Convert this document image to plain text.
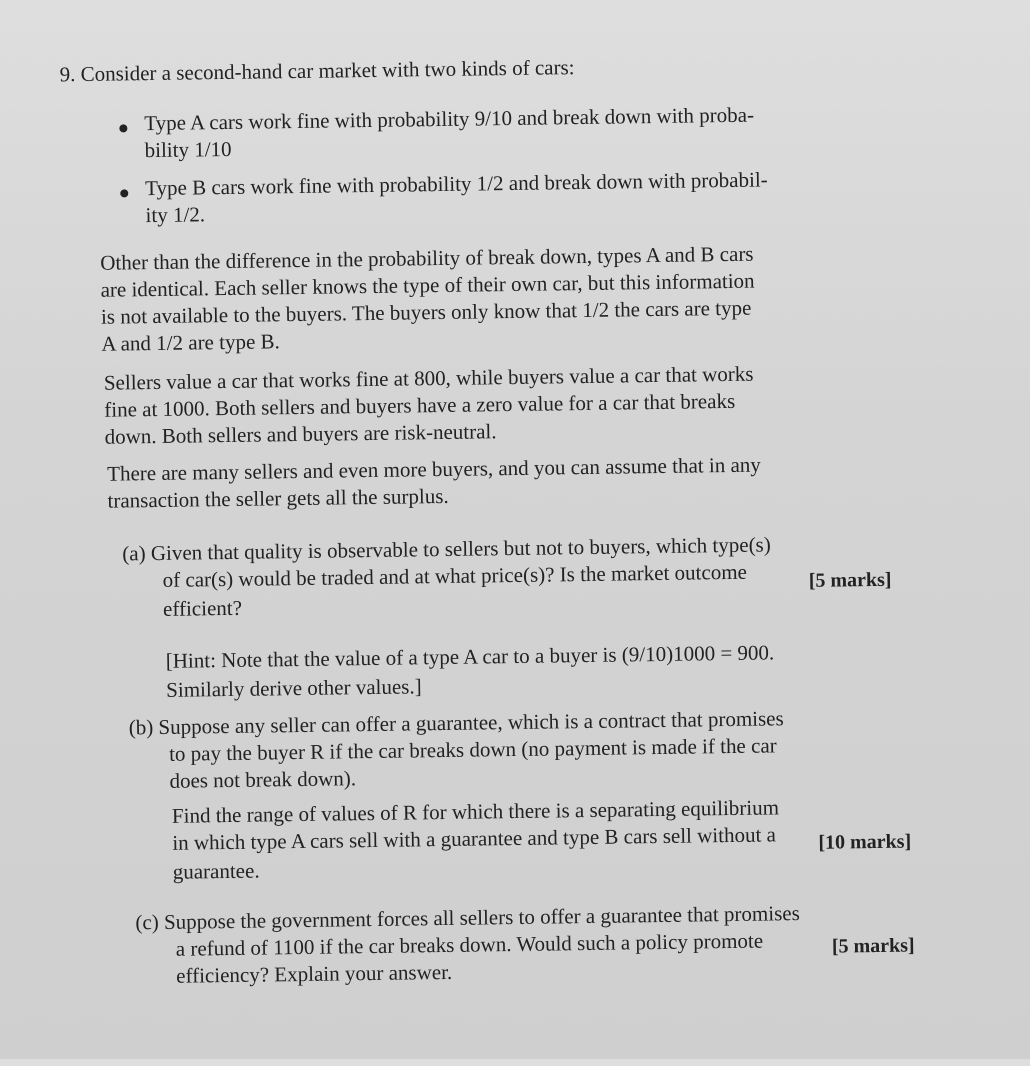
9. Consider a second-hand car market with two kinds of cars:
Type A cars work fine with probability 9/10 and break down with proba-
bility 1/10
Type B cars work fine with probability 1/2 and break down with probabil-
ity 1/2.
Other than the difference in the probability of break down, types A and B cars
are identical. Each seller knows the type of their own car, but this information
is not available to the buyers. The buyers only know that 1/2 the cars are type
A and 1/2 are type B.
Sellers value a car that works fine at 800, while buyers value a car that works
fine at 1000. Both sellers and buyers have a zero value for a car that breaks
down. Both sellers and buyers are risk-neutral.
There are many sellers and even more buyers, and you can assume that in any
transaction the seller gets all the surplus.
(a) Given that quality is observable to sellers but not to buyers, which type(s)
of car(s) would be traded and at what price(s)? Is the market outcome
efficient?
[5 marks]
[Hint: Note that the value of a type A car to a buyer is (9/10)1000 = 900.
Similarly derive other values.]
(b) Suppose any seller can offer a guarantee, which is a contract that promises
to pay the buyer R if the car breaks down (no payment is made if the car
does not break down).
Find the range of values of R for which there is a separating equilibrium
in which type A cars sell with a guarantee and type B cars sell without a
guarantee.
[10 marks]
(c) Suppose the government forces all sellers to offer a guarantee that promises
a refund of 1100 if the car breaks down. Would such a policy promote
efficiency? Explain your answer.
[5 marks]
